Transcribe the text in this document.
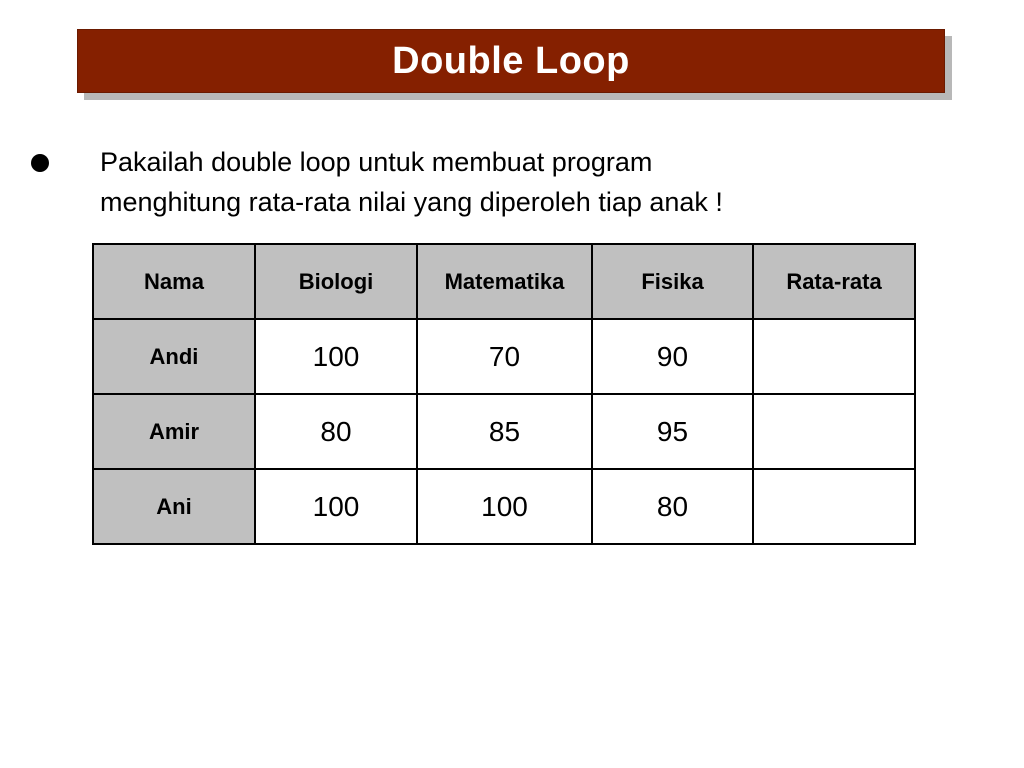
Double Loop
Pakailah double loop untuk membuat program
menghitung rata-rata nilai yang diperoleh tiap anak !
Nama	Biologi	Matematika	Fisika	Rata-rata
Andi	100	70	90	
Amir	80	85	95	
Ani	100	100	80	
